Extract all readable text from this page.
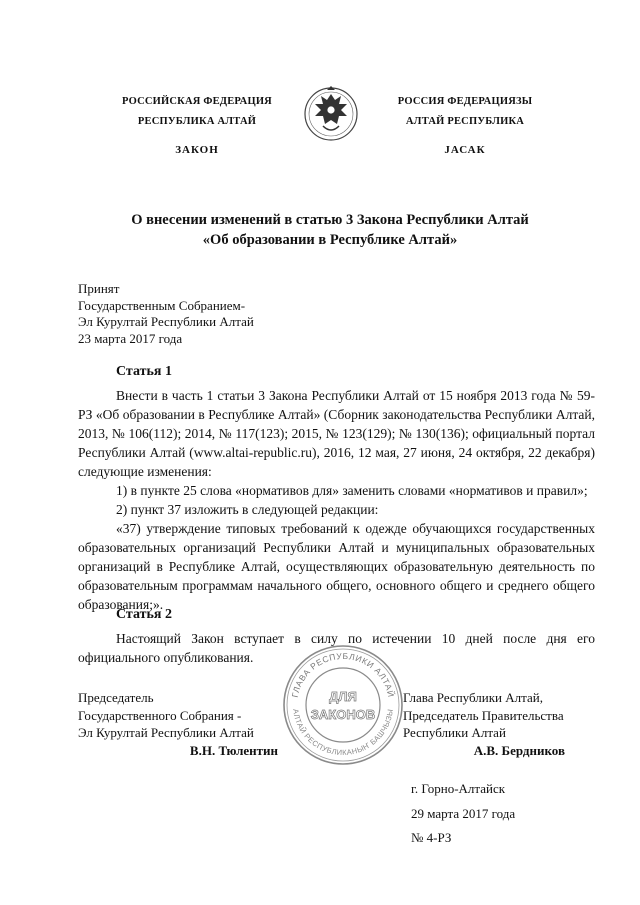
РОССИЙСКАЯ ФЕДЕРАЦИЯ
РЕСПУБЛИКА АЛТАЙ
ЗАКОН
РОССИЯ ФЕДЕРАЦИЯЗЫ
АЛТАЙ РЕСПУБЛИКА
JАСАК
О внесении изменений в статью 3 Закона Республики Алтай
«Об образовании в Республике Алтай»
Принят
Государственным Собранием-
Эл Курултай Республики Алтай
23 марта 2017 года
Статья 1

Внести в часть 1 статьи 3 Закона Республики Алтай от 15 ноября 2013 года № 59-РЗ «Об образовании в Республике Алтай» (Сборник законодательства Республики Алтай, 2013, № 106(112); 2014, № 117(123); 2015, № 123(129); № 130(136); официальный портал Республики Алтай (www.altai-republic.ru), 2016, 12 мая, 27 июня, 24 октября, 22 декабря) следующие изменения:

1) в пункте 25 слова «нормативов для» заменить словами «нормативов и правил»;

2) пункт 37 изложить в следующей редакции:

«37) утверждение типовых требований к одежде обучающихся государственных образовательных организаций Республики Алтай и муниципальных образовательных организаций в Республике Алтай, осуществляющих образовательную деятельность по образовательным программам начального общего, основного общего и среднего общего образования;».

Статья 2

Настоящий Закон вступает в силу по истечении 10 дней после дня его официального опубликования.

ГЛАВА РЕСПУБЛИКИ АЛТАЙ
АЛТАЙ РЕСПУБЛИКАНЫҤ БАШЧЫЗЫ
ДЛЯ
ЗАКОНОВ
Председатель
Государственного Собрания -
Эл Курултай Республики Алтай
В.Н. Тюлентин
Глава Республики Алтай,
Председатель Правительства
Республики Алтай
А.В. Бердников
г. Горно-Алтайск
29 марта 2017 года
№ 4-РЗ
